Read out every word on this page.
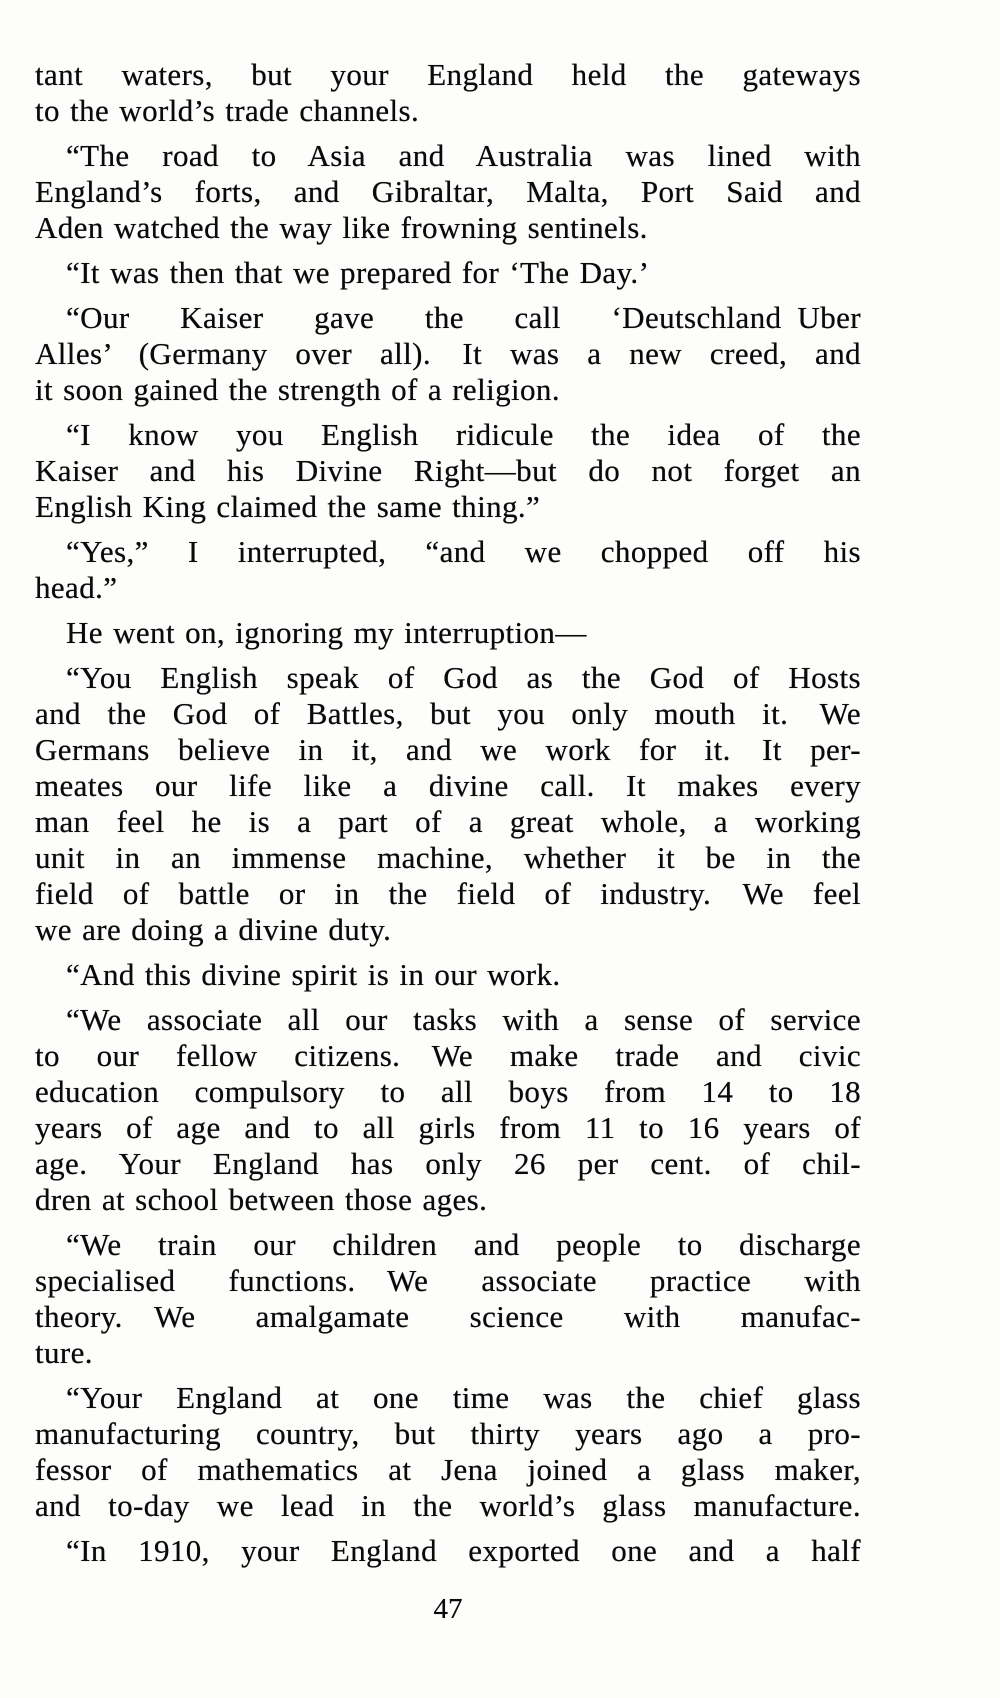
tant waters, but your England held the gateways
to the world’s trade channels.
“The road to Asia and Australia was lined with
England’s forts, and Gibraltar, Malta, Port Said and
Aden watched the way like frowning sentinels.
“It was then that we prepared for ‘The Day.’
“Our Kaiser gave the call ‘Deutschland Uber
Alles’ (Germany over all). It was a new creed, and
it soon gained the strength of a religion.
“I know you English ridicule the idea of the
Kaiser and his Divine Right—but do not forget an
English King claimed the same thing.”
“Yes,” I interrupted, “and we chopped off his
head.”
He went on, ignoring my interruption—
“You English speak of God as the God of Hosts
and the God of Battles, but you only mouth it. We
Germans believe in it, and we work for it. It per-
meates our life like a divine call. It makes every
man feel he is a part of a great whole, a working
unit in an immense machine, whether it be in the
field of battle or in the field of industry. We feel
we are doing a divine duty.
“And this divine spirit is in our work.
“We associate all our tasks with a sense of service
to our fellow citizens. We make trade and civic
education compulsory to all boys from 14 to 18
years of age and to all girls from 11 to 16 years of
age. Your England has only 26 per cent. of chil-
dren at school between those ages.
“We train our children and people to discharge
specialised functions. We associate practice with
theory. We amalgamate science with manufac-
ture.
“Your England at one time was the chief glass
manufacturing country, but thirty years ago a pro-
fessor of mathematics at Jena joined a glass maker,
and to-day we lead in the world’s glass manufacture.
“In 1910, your England exported one and a half
47
